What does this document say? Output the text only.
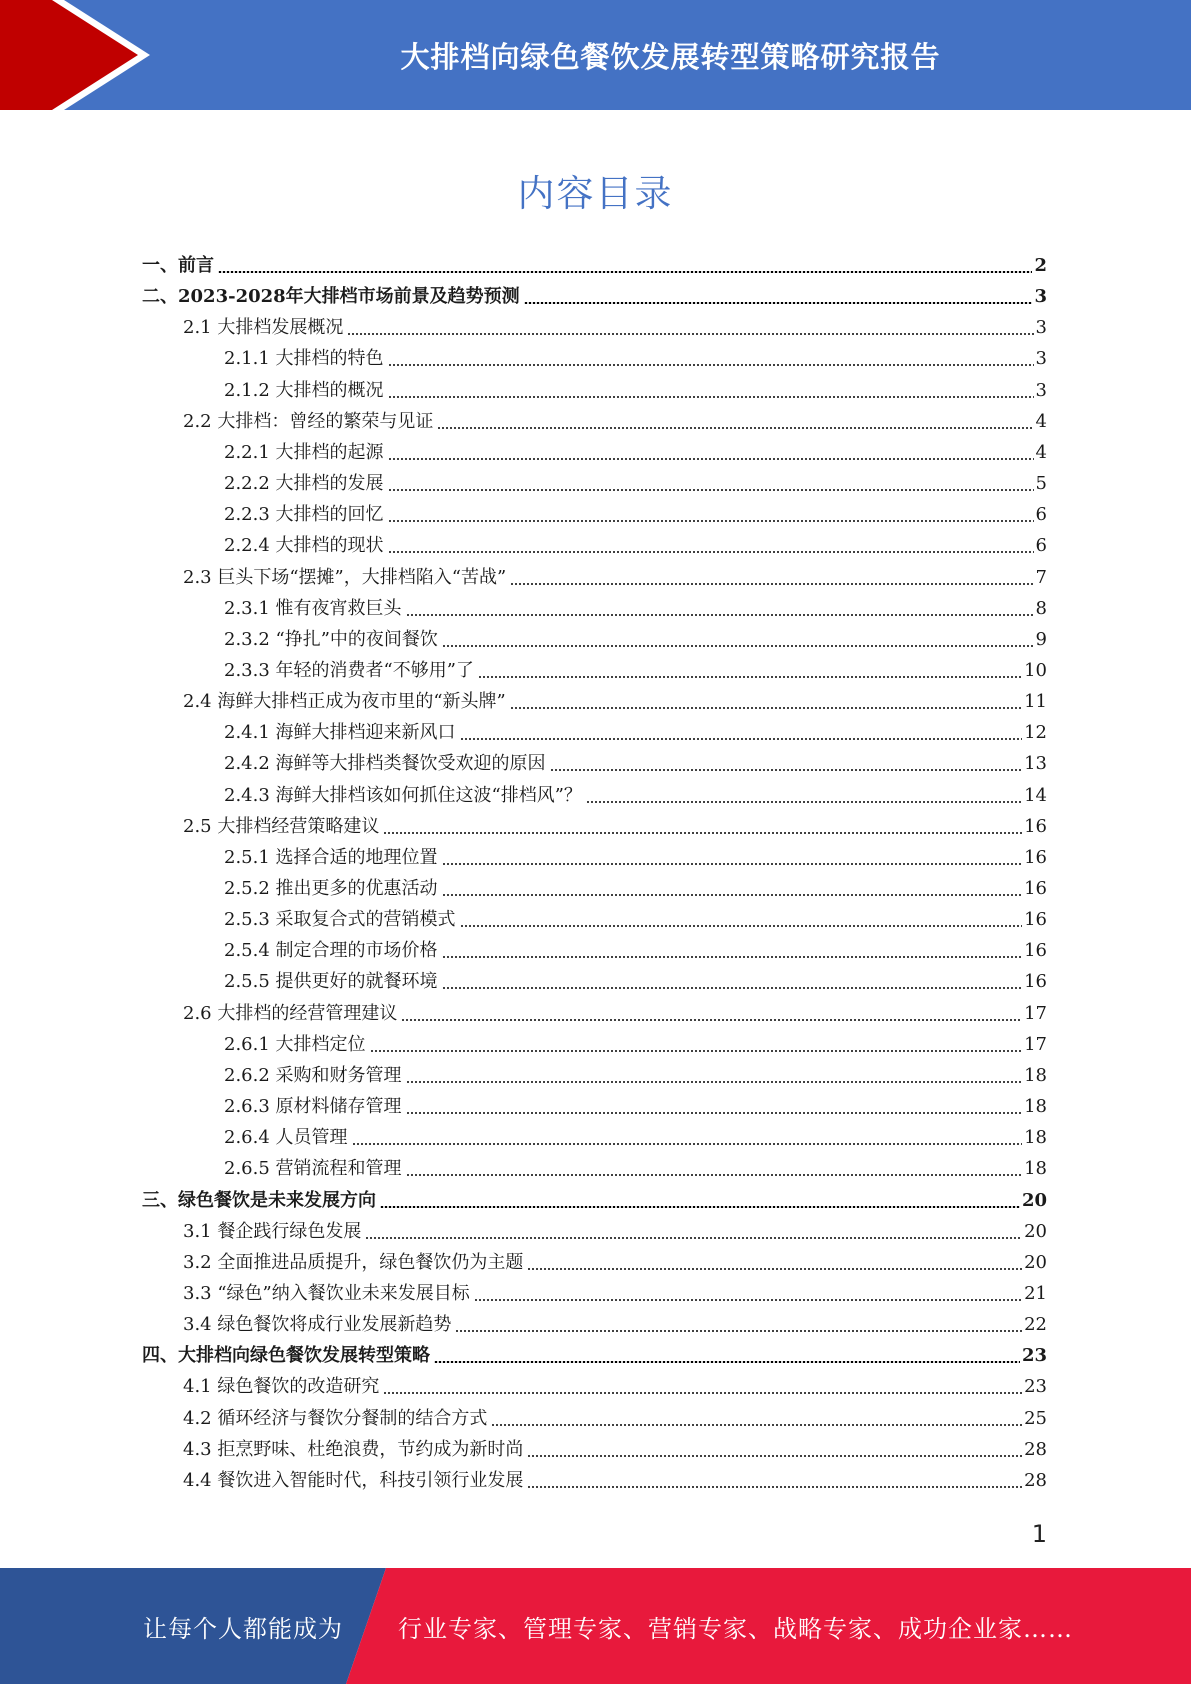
大排档向绿色餐饮发展转型策略研究报告
内容目录
一、前言	2
二、2023-2028年大排档市场前景及趋势预测	3
2.1 大排档发展概况	3
2.1.1 大排档的特色	3
2.1.2 大排档的概况	3
2.2 大排档：曾经的繁荣与见证	4
2.2.1 大排档的起源	4
2.2.2 大排档的发展	5
2.2.3 大排档的回忆	6
2.2.4 大排档的现状	6
2.3 巨头下场“摆摊”，大排档陷入“苦战”	7
2.3.1 惟有夜宵救巨头	8
2.3.2 “挣扎”中的夜间餐饮	9
2.3.3 年轻的消费者“不够用”了	10
2.4 海鲜大排档正成为夜市里的“新头牌”	11
2.4.1 海鲜大排档迎来新风口	12
2.4.2 海鲜等大排档类餐饮受欢迎的原因	13
2.4.3 海鲜大排档该如何抓住这波“排档风”？	14
2.5 大排档经营策略建议	16
2.5.1 选择合适的地理位置	16
2.5.2 推出更多的优惠活动	16
2.5.3 采取复合式的营销模式	16
2.5.4 制定合理的市场价格	16
2.5.5 提供更好的就餐环境	16
2.6 大排档的经营管理建议	17
2.6.1 大排档定位	17
2.6.2 采购和财务管理	18
2.6.3 原材料储存管理	18
2.6.4 人员管理	18
2.6.5 营销流程和管理	18
三、绿色餐饮是未来发展方向	20
3.1 餐企践行绿色发展	20
3.2 全面推进品质提升，绿色餐饮仍为主题	20
3.3 “绿色”纳入餐饮业未来发展目标	21
3.4 绿色餐饮将成行业发展新趋势	22
四、大排档向绿色餐饮发展转型策略	23
4.1 绿色餐饮的改造研究	23
4.2 循环经济与餐饮分餐制的结合方式	25
4.3 拒烹野味、杜绝浪费，节约成为新时尚	28
4.4 餐饮进入智能时代，科技引领行业发展	28
1
让每个人都能成为 行业专家、管理专家、营销专家、战略专家、成功企业家……
